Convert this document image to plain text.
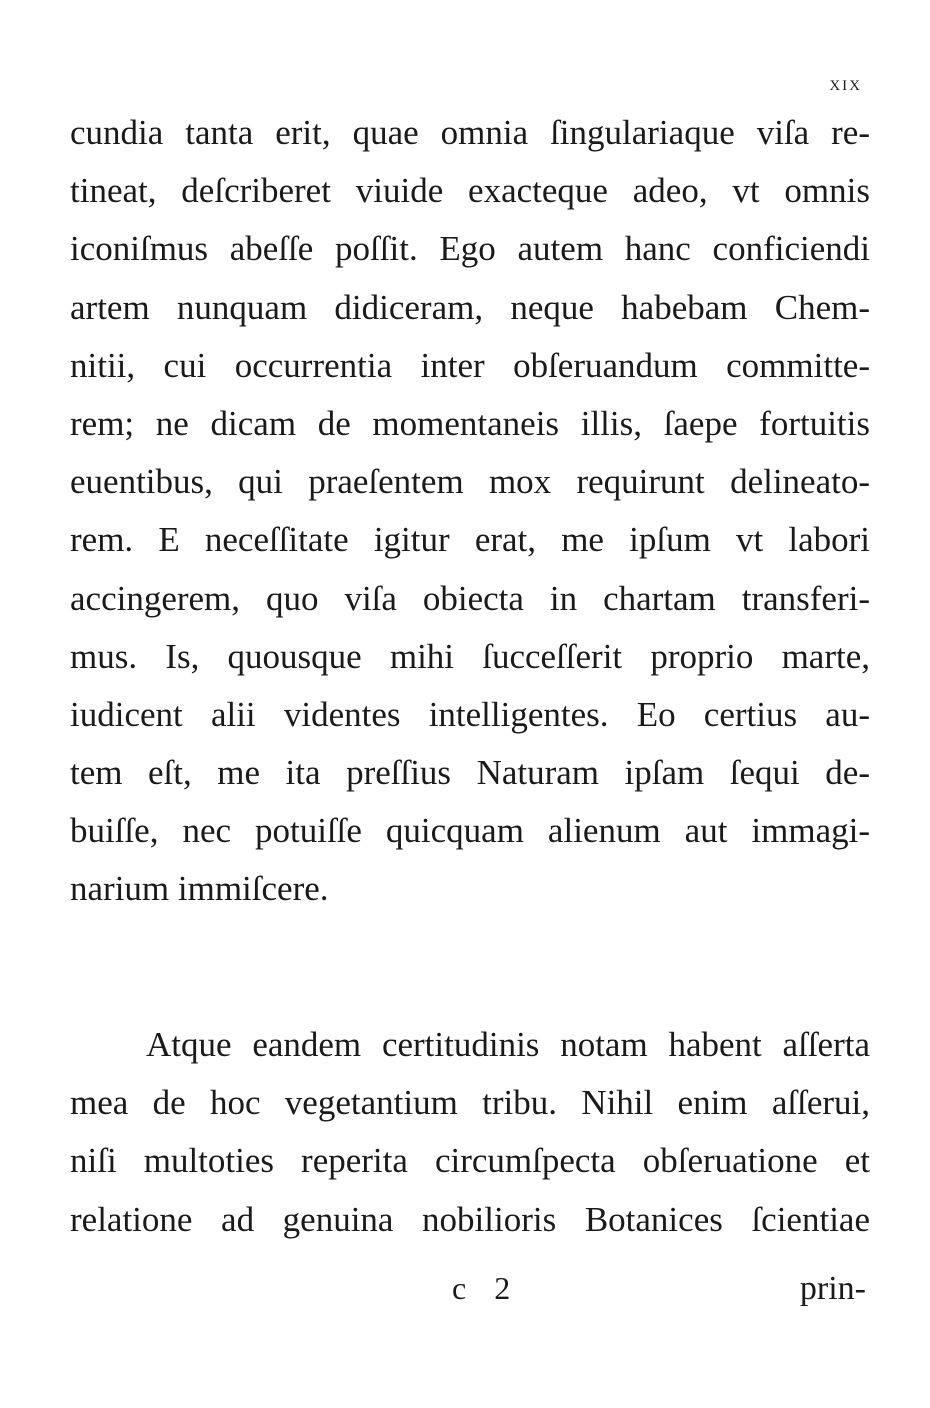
xix
cundia tanta erit, quae omnia ſingulariaque viſa re-
tineat, deſcriberet viuide exacteque adeo, vt omnis
iconiſmus abeſſe poſſit. Ego autem hanc conficiendi
artem nunquam didiceram, neque habebam Chem-
nitii, cui occurrentia inter obſeruandum committe-
rem; ne dicam de momentaneis illis, ſaepe fortuitis
euentibus, qui praeſentem mox requirunt delineato-
rem. E neceſſitate igitur erat, me ipſum vt labori
accingerem, quo viſa obiecta in chartam transferi-
mus. Is, quousque mihi ſucceſſerit proprio marte,
iudicent alii videntes intelligentes. Eo certius au-
tem eſt, me ita preſſius Naturam ipſam ſequi de-
buiſſe, nec potuiſſe quicquam alienum aut immagi-
narium immiſcere.
Atque eandem certitudinis notam habent aſſerta
mea de hoc vegetantium tribu. Nihil enim aſſerui,
niſi multoties reperita circumſpecta obſeruatione et
relatione ad genuina nobilioris Botanices ſcientiae
c 2	prin-
